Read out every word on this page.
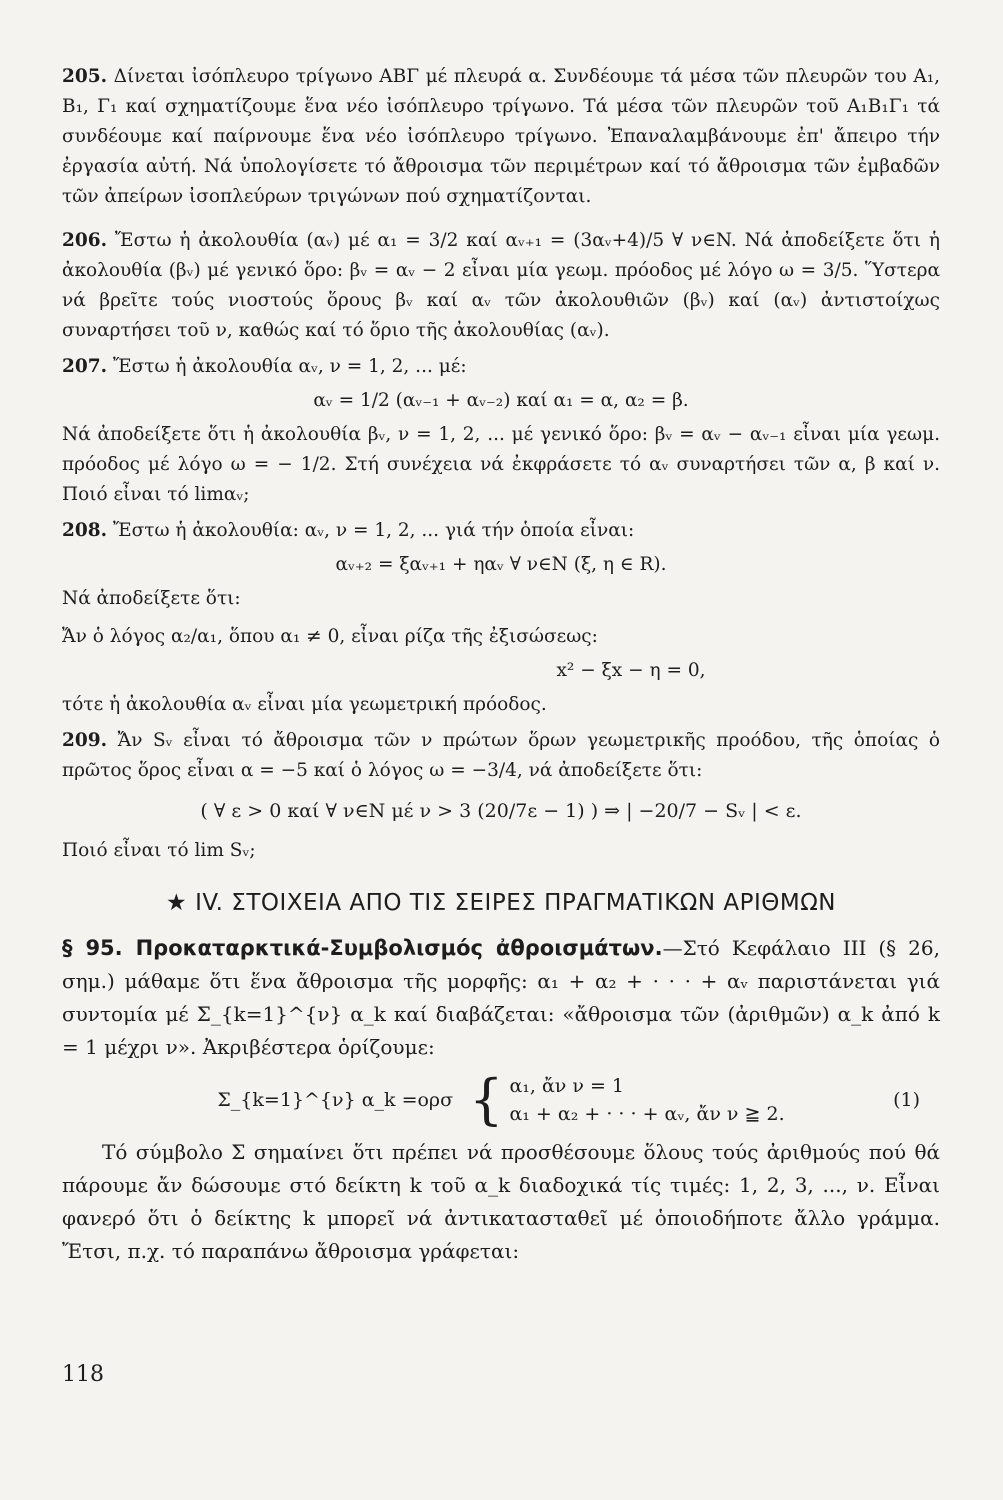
205. Δίνεται ἰσόπλευρο τρίγωνο ΑΒΓ μέ πλευρά α. Συνδέουμε τά μέσα τῶν πλευρῶν του Α₁, Β₁, Γ₁ καί σχηματίζουμε ἕνα νέο ἰσόπλευρο τρίγωνο. Τά μέσα τῶν πλευρῶν τοῦ Α₁Β₁Γ₁ τά συνδέουμε καί παίρνουμε ἕνα νέο ἰσόπλευρο τρίγωνο. Ἐπαναλαμβάνουμε ἐπ' ἄπειρο τήν ἐργασία αὐτή. Νά ὑπολογίσετε τό ἄθροισμα τῶν περιμέτρων καί τό ἄθροισμα τῶν ἐμβαδῶν τῶν ἀπείρων ἰσοπλεύρων τριγώνων πού σχηματίζονται.

206. Ἔστω ἡ ἀκολουθία (αᵥ) μέ α₁ = 3/2 καί αᵥ₊₁ = (3αᵥ+4)/5 ∀ ν∈N. Νά ἀποδείξετε ὅτι ἡ ἀκολουθία (βᵥ) μέ γενικό ὅρο: βᵥ = αᵥ − 2 εἶναι μία γεωμ. πρόοδος μέ λόγο ω = 3/5. Ὕστερα νά βρεῖτε τούς νιοστούς ὅρους βᵥ καί αᵥ τῶν ἀκολουθιῶν (βᵥ) καί (αᵥ) ἀντιστοίχως συναρτήσει τοῦ ν, καθώς καί τό ὅριο τῆς ἀκολουθίας (αᵥ).

207. Ἔστω ἡ ἀκολουθία αᵥ, ν = 1, 2, ... μέ:

αᵥ = 1/2 (αᵥ₋₁ + αᵥ₋₂) καί α₁ = α, α₂ = β.

Νά ἀποδείξετε ὅτι ἡ ἀκολουθία βᵥ, ν = 1, 2, ... μέ γενικό ὅρο: βᵥ = αᵥ − αᵥ₋₁ εἶναι μία γεωμ. πρόοδος μέ λόγο ω = − 1/2. Στή συνέχεια νά ἐκφράσετε τό αᵥ συναρτήσει τῶν α, β καί ν. Ποιό εἶναι τό limαᵥ;

208. Ἔστω ἡ ἀκολουθία: αᵥ, ν = 1, 2, ... γιά τήν ὁποία εἶναι:

αᵥ₊₂ = ξαᵥ₊₁ + ηαᵥ ∀ ν∈N (ξ, η ∈ R).

Νά ἀποδείξετε ὅτι:

Ἄν ὁ λόγος α₂/α₁, ὅπου α₁ ≠ 0, εἶναι ρίζα τῆς ἐξισώσεως:

x² − ξx − η = 0,

τότε ἡ ἀκολουθία αᵥ εἶναι μία γεωμετρική πρόοδος.

209. Ἄν Sᵥ εἶναι τό ἄθροισμα τῶν ν πρώτων ὅρων γεωμετρικῆς προόδου, τῆς ὁποίας ὁ πρῶτος ὅρος εἶναι α = −5 καί ὁ λόγος ω = −3/4, νά ἀποδείξετε ὅτι:

( ∀ ε > 0 καί ∀ ν∈N μέ ν > 3 (20/7ε − 1) ) ⇒ | −20/7 − Sᵥ | < ε.

Ποιό εἶναι τό lim Sᵥ;

★ IV. ΣΤΟΙΧΕΙΑ ΑΠΟ ΤΙΣ ΣΕΙΡΕΣ ΠΡΑΓΜΑΤΙΚΩΝ ΑΡΙΘΜΩΝ

§ 95. Προκαταρκτικά-Συμβολισμός ἀθροισμάτων.—Στό Κεφάλαιο III (§ 26, σημ.) μάθαμε ὅτι ἕνα ἄθροισμα τῆς μορφῆς: α₁ + α₂ + · · · + αᵥ παριστάνεται γιά συντομία μέ Σ_{k=1}^{ν} α_k καί διαβάζεται: «ἄθροισμα τῶν (ἀριθμῶν) α_k ἀπό k = 1 μέχρι ν». Ἀκριβέστερα ὁρίζουμε:

Σ_{k=1}^{ν} α_k =ορσ { α₁, ἄν ν = 1
α₁ + α₂ + · · · + αᵥ, ἄν ν ≧ 2.
(1)

Τό σύμβολο Σ σημαίνει ὅτι πρέπει νά προσθέσουμε ὅλους τούς ἀριθμούς πού θά πάρουμε ἄν δώσουμε στό δείκτη k τοῦ α_k διαδοχικά τίς τιμές: 1, 2, 3, ..., ν. Εἶναι φανερό ὅτι ὁ δείκτης k μπορεῖ νά ἀντικατασταθεῖ μέ ὁποιοδήποτε ἄλλο γράμμα. Ἔτσι, π.χ. τό παραπάνω ἄθροισμα γράφεται:

118
